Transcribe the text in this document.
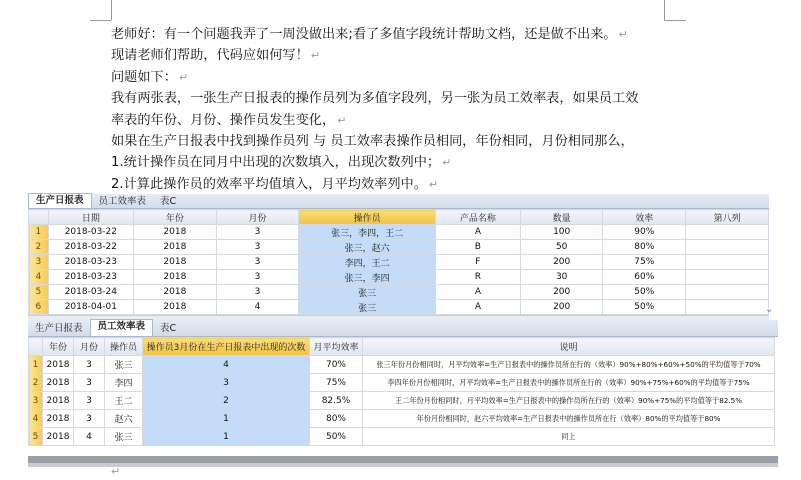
老师好：有一个问题我弄了一周没做出来;看了多值字段统计帮助文档，还是做不出来。 ↵
现请老师们帮助，代码应如何写！ ↵
问题如下： ↵
我有两张表，一张生产日报表的操作员列为多值字段列，另一张为员工效率表，如果员工效
率表的年份、月份、操作员发生变化， ↵
如果在生产日报表中找到操作员列 与 员工效率表操作员相同，年份相同，月份相同那么，
1.统计操作员在同月中出现的次数填入，出现次数列中； ↵
2.计算此操作员的效率平均值填入，月平均效率列中。 ↵
生产日报表	员工效率表	表C
	日期	年份	月份	操作员	产品名称	数量	效率	第八列
1	2018-03-22	2018	3	张三，李四，王二	A	100	90%	
2	2018-03-22	2018	3	张三，赵六	B	50	80%	
3	2018-03-23	2018	3	李四，王二	F	200	75%	
4	2018-03-23	2018	3	张三，李四	R	30	60%	
5	2018-03-24	2018	3	张三	A	200	50%	
6	2018-04-01	2018	4	张三	A	200	50%		⌄
生产日报表	员工效率表	表C
	年份	月份	操作员	操作员3月份在生产日报表中出现的次数	月平均效率	说明
1	2018	3	张三	4	70%	张三年份月份相同时，月平均效率=生产日报表中的操作员所在行的（效率）90%+80%+60%+50%的平均值等于70%
2	2018	3	李四	3	75%	李四年份月份相同时，月平均效率=生产日报表中的操作员所在行的（效率）90%+75%+60%的平均值等于75%
3	2018	3	王二	2	82.5%	王二年份月份相同时，月平均效率=生产日报表中的操作员所在行的（效率）90%+75%的平均值等于82.5%
4	2018	3	赵六	1	80%	年份月份相同时，赵六平均效率=生产日报表中的操作员所在行（效率）80%的平均值等于80%
5	2018	4	张三	1	50%	同上
↵
